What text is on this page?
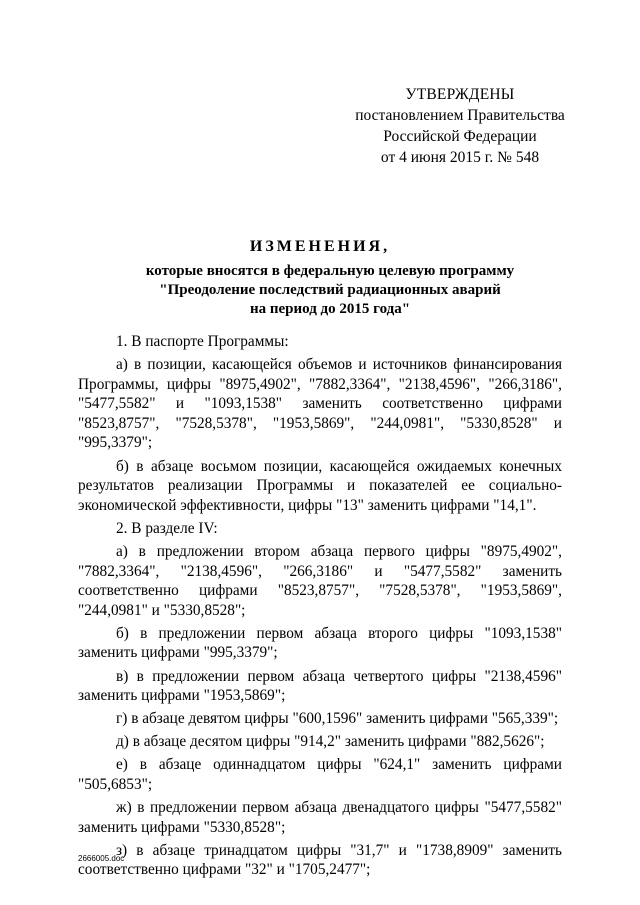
УТВЕРЖДЕНЫ
постановлением Правительства
Российской Федерации
от 4 июня 2015 г. № 548
ИЗМЕНЕНИЯ,
которые вносятся в федеральную целевую программу
"Преодоление последствий радиационных аварий
на период до 2015 года"

1. В паспорте Программы:

а) в позиции, касающейся объемов и источников финансирования Программы, цифры "8975,4902", "7882,3364", "2138,4596", "266,3186", "5477,5582" и "1093,1538" заменить соответственно цифрами "8523,8757", "7528,5378", "1953,5869", "244,0981", "5330,8528" и "995,3379";

б) в абзаце восьмом позиции, касающейся ожидаемых конечных результатов реализации Программы и показателей ее социально-экономической эффективности, цифры "13" заменить цифрами "14,1".

2. В разделе IV:

а) в предложении втором абзаца первого цифры "8975,4902", "7882,3364", "2138,4596", "266,3186" и "5477,5582" заменить соответственно цифрами "8523,8757", "7528,5378", "1953,5869", "244,0981" и "5330,8528";

б) в предложении первом абзаца второго цифры "1093,1538" заменить цифрами "995,3379";

в) в предложении первом абзаца четвертого цифры "2138,4596" заменить цифрами "1953,5869";

г) в абзаце девятом цифры "600,1596" заменить цифрами "565,339";

д) в абзаце десятом цифры "914,2" заменить цифрами "882,5626";

е) в абзаце одиннадцатом цифры "624,1" заменить цифрами "505,6853";

ж) в предложении первом абзаца двенадцатого цифры "5477,5582" заменить цифрами "5330,8528";

з) в абзаце тринадцатом цифры "31,7" и "1738,8909" заменить соответственно цифрами "32" и "1705,2477";

2666005.doc
